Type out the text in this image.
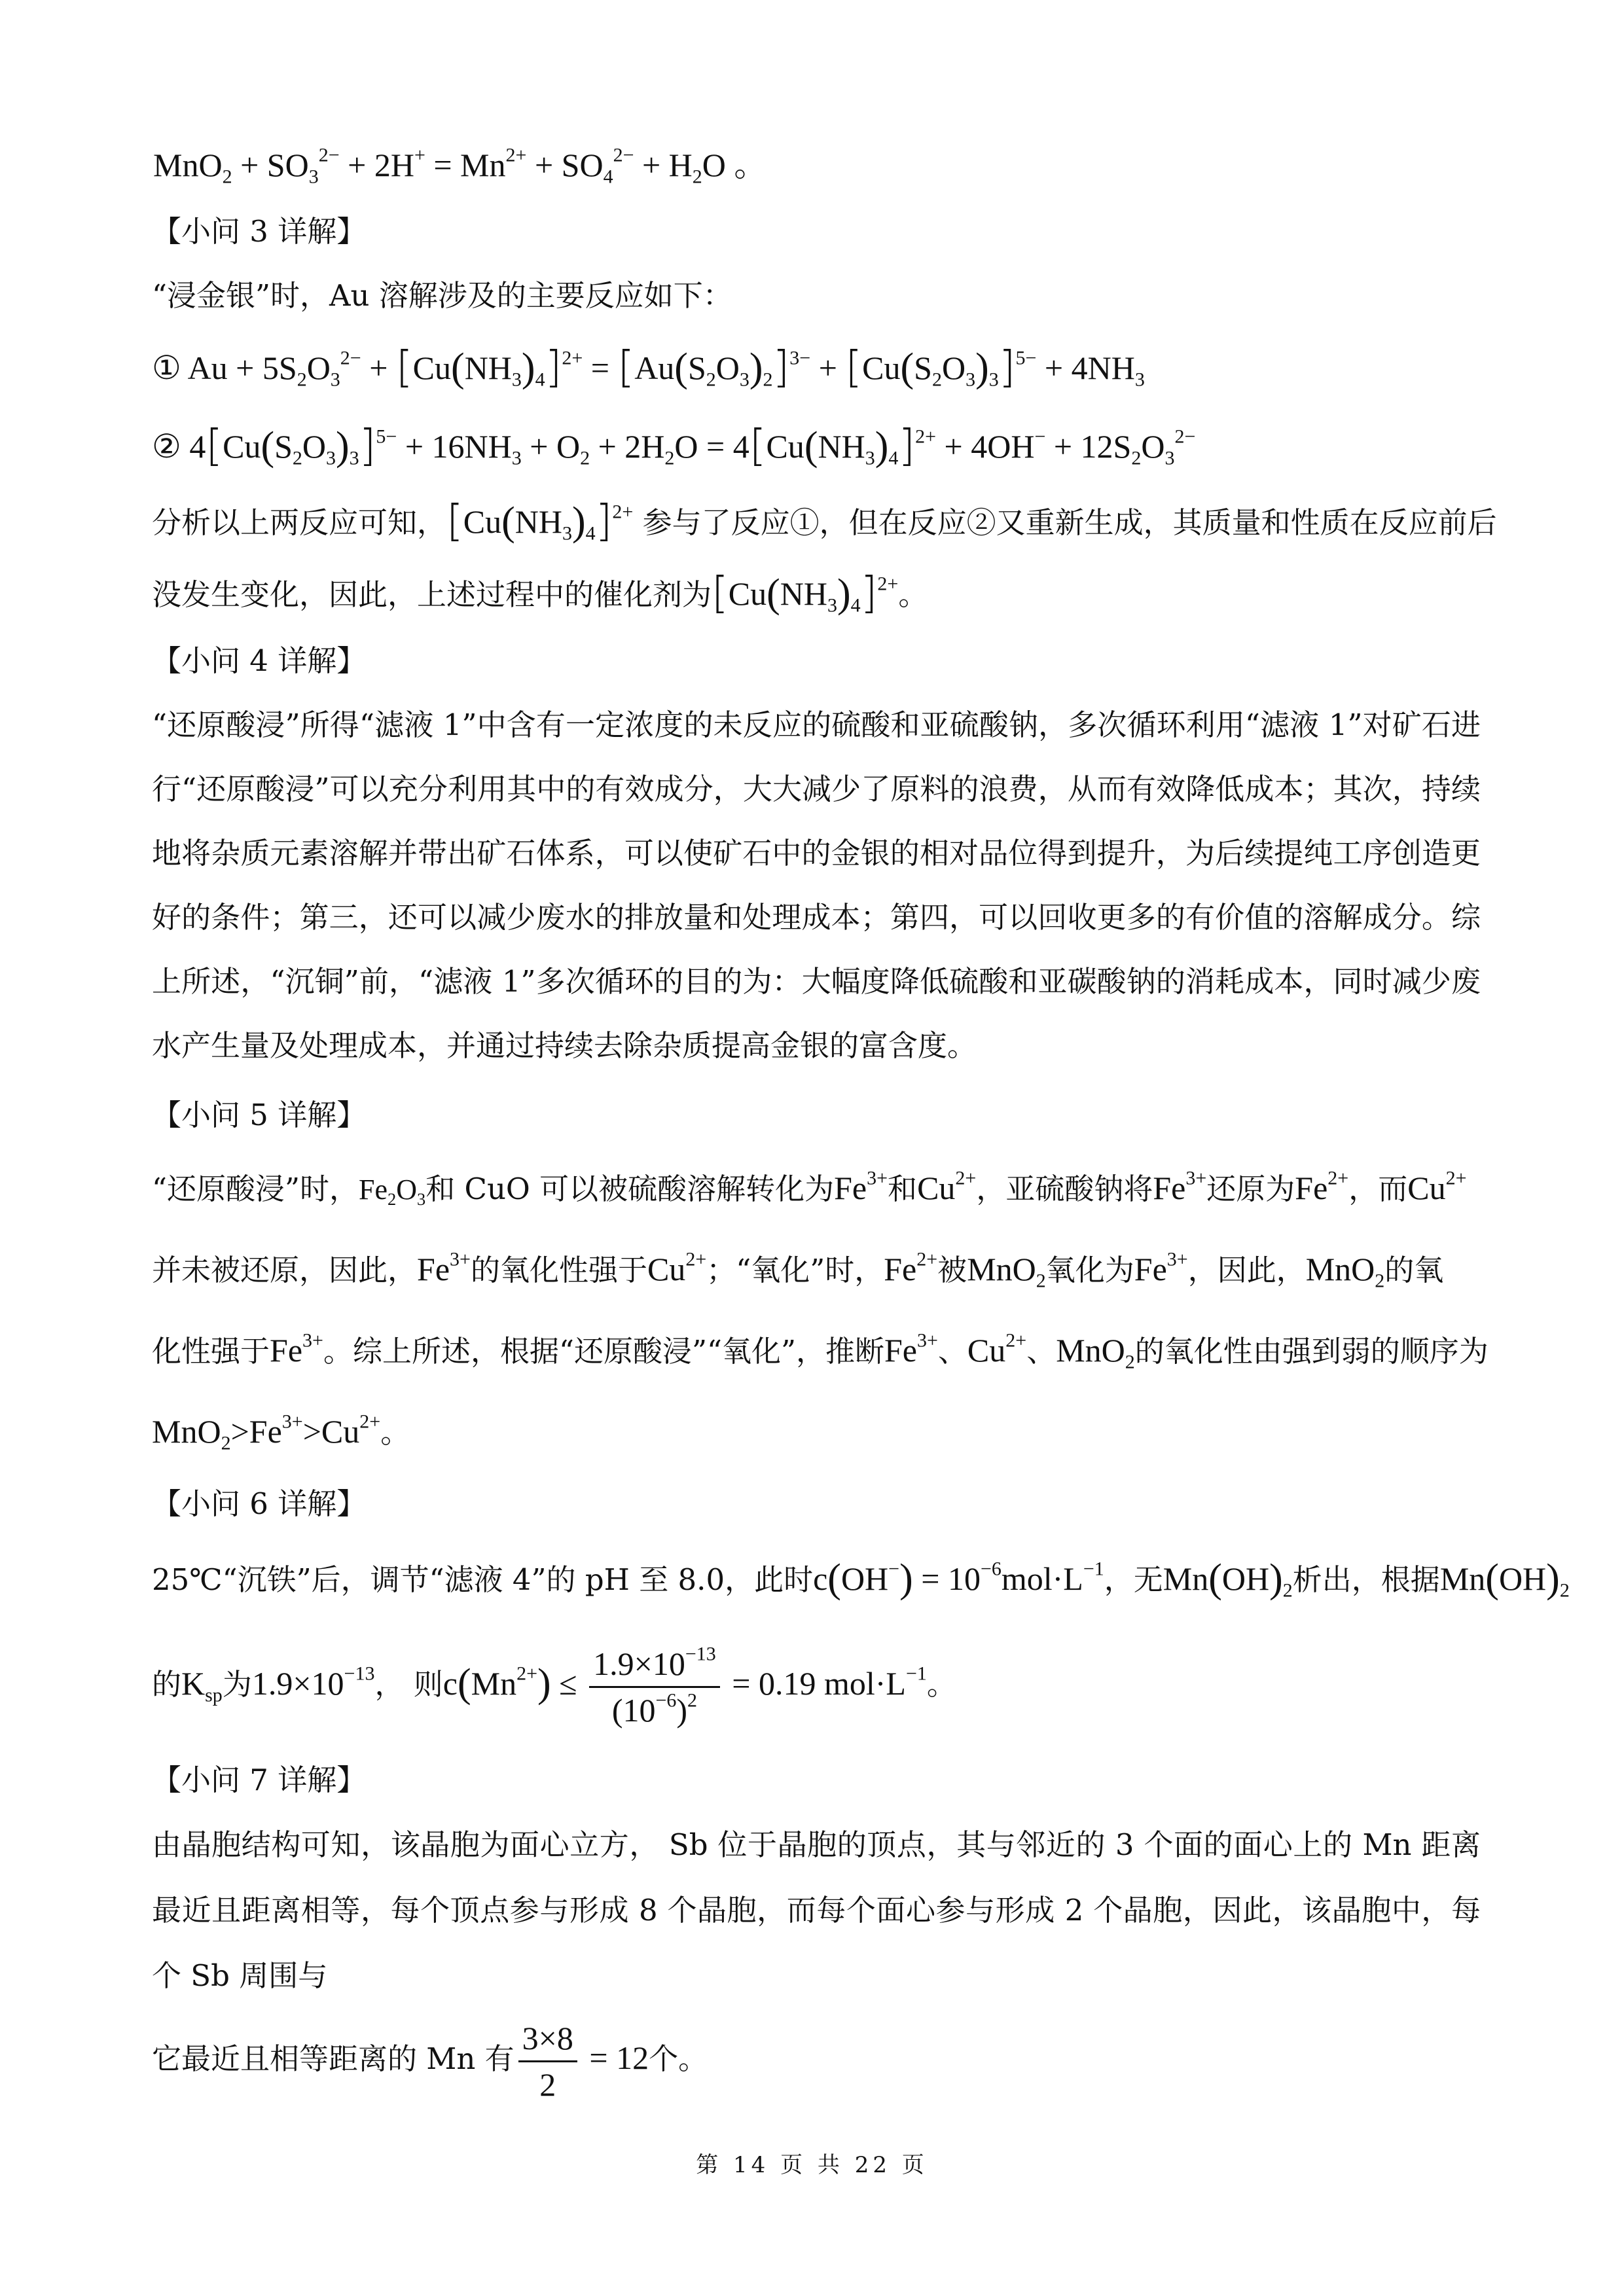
$MnO_2 + SO_3^{2-} + 2H^+ = Mn^{2+} + SO_4^{2-} + H_2O$ 。
【小问 3 详解】
“浸金银”时，Au 溶解涉及的主要反应如下：
① $Au + 5S_2O_3^{2-} + [Cu(NH_3)_4]^{2+} = [Au(S_2O_3)_2]^{3-} + [Cu(S_2O_3)_3]^{5-} + 4NH_3$
② $4[Cu(S_2O_3)_3]^{5-} + 16NH_3 + O_2 + 2H_2O = 4[Cu(NH_3)_4]^{2+} + 4OH^- + 12S_2O_3^{2-}$
分析以上两反应可知，$[Cu(NH_3)_4]^{2+}$ 参与了反应①，但在反应②又重新生成，其质量和性质在反应前后
没发生变化，因此，上述过程中的催化剂为$[Cu(NH_3)_4]^{2+}$。
【小问 4 详解】
“还原酸浸”所得“滤液 1”中含有一定浓度的未反应的硫酸和亚硫酸钠，多次循环利用“滤液 1”对矿石进行“还原酸浸”可以充分利用其中的有效成分，大大减少了原料的浪费，从而有效降低成本；其次，持续地将杂质元素溶解并带出矿石体系，可以使矿石中的金银的相对品位得到提升，为后续提纯工序创造更好的条件；第三，还可以减少废水的排放量和处理成本；第四，可以回收更多的有价值的溶解成分。综上所述，“沉铜”前，“滤液 1”多次循环的目的为：大幅度降低硫酸和亚碳酸钠的消耗成本，同时减少废水产生量及处理成本，并通过持续去除杂质提高金银的富含度。
【小问 5 详解】
“还原酸浸”时，$Fe_2O_3$和 CuO 可以被硫酸溶解转化为$Fe^{3+}$和$Cu^{2+}$，亚硫酸钠将$Fe^{3+}$还原为$Fe^{2+}$，而$Cu^{2+}$
并未被还原，因此，$Fe^{3+}$的氧化性强于$Cu^{2+}$；“氧化”时，$Fe^{2+}$被MnO$_2$氧化为$Fe^{3+}$，因此，MnO$_2$的氧
化性强于$Fe^{3+}$。综上所述，根据“还原酸浸”“氧化”，推断$Fe^{3+}$、$Cu^{2+}$、MnO$_2$的氧化性由强到弱的顺序为
$MnO_2>Fe^{3+}>Cu^{2+}$。
【小问 6 详解】
25℃“沉铁”后，调节“滤液 4”的 pH 至 8.0，此时$c(OH^-) = 10^{-6}mol\cdot L^{-1}$，无$Mn(OH)_2$析出，根据$Mn(OH)_2$
的$K_{sp}$为$1.9\times 10^{-13}$， 则$c(Mn^{2+}) \le \frac{1.9\times 10^{-13}}{(10^{-6})^2} = 0.19$ $mol\cdot L^{-1}$。
【小问 7 详解】
由晶胞结构可知，该晶胞为面心立方， Sb 位于晶胞的顶点，其与邻近的 3 个面的面心上的 Mn 距离最近且距离相等，每个顶点参与形成 8 个晶胞，而每个面心参与形成 2 个晶胞，因此，该晶胞中，每个 Sb 周围与
它最近且相等距离的 Mn 有 $\frac{3\times 8}{2} = 12$个。
第 14 页 共 22 页
